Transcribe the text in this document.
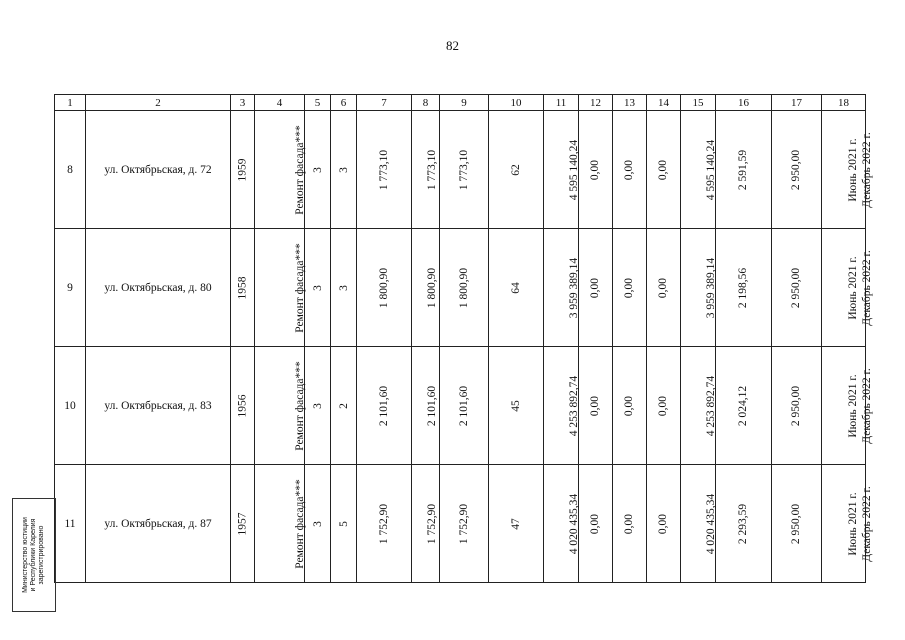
82
1	2	3	4	5	6	7	8	9	10	11	12	13	14	15	16	17	18
8	ул. Октябрьская, д. 72	1959	Ремонт фасада***	3	3	1 773,10	1 773,10	1 773,10	62	4 595 140,24	0,00	0,00	0,00	4 595 140,24	2 591,59	2 950,00	Июнь 2021 г. Декабрь 2022 г.
9	ул. Октябрьская, д. 80	1958	Ремонт фасада***	3	3	1 800,90	1 800,90	1 800,90	64	3 959 389,14	0,00	0,00	0,00	3 959 389,14	2 198,56	2 950,00	Июнь 2021 г. Декабрь 2022 г.
10	ул. Октябрьская, д. 83	1956	Ремонт фасада***	3	2	2 101,60	2 101,60	2 101,60	45	4 253 892,74	0,00	0,00	0,00	4 253 892,74	2 024,12	2 950,00	Июнь 2021 г. Декабрь 2022 г.
11	ул. Октябрьская, д. 87	1957	Ремонт фасада***	3	5	1 752,90	1 752,90	1 752,90	47	4 020 435,34	0,00	0,00	0,00	4 020 435,34	2 293,59	2 950,00	Июнь 2021 г. Декабрь 2022 г.
Министерство юстиции
и Республики Карелия
зарегистрировано
